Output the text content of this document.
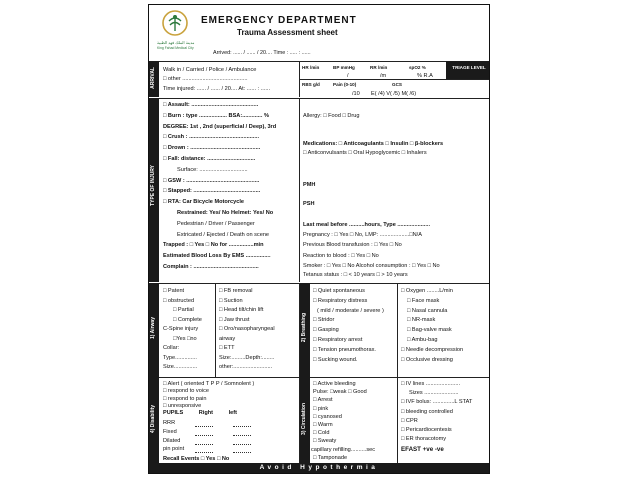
مدينة الملك فهد الطبية
King Fahad Medical City
EMERGENCY DEPARTMENT
Trauma Assessment sheet
Arrived: ...... / ...... / 20.... Time : ..... : ......
ARRIVAL Walk in / Carried / Police / Ambulance
□ other ..........................................
Time injured: ...... / ...... / 20.... At: ...... : ......
HR /min	BP mmHg	RR /min	spO2 %	TRIAGE LEVEL
/	/m	% R.A
RBS g/d	Pain (0-10)	GCS
/10 E( /4) V( /5) M( /6)
TYPE OF INJURY
□ Assault: ...........................................
□ Burn : type .................. BSA:............. %
DEGREE: 1st , 2nd (superficial / Deep), 3rd
□ Crush : .............................................
□ Drown : .............................................
□ Fall: distance: ...............................
Surface: ...............................
□ GSW : ...............................................
□ Stapped: ...........................................
□ RTA: Car Bicycle Motorcycle
Restrained: Yes/ No Helmet: Yes/ No
Pedestrian / Driver / Passenger
Extricated / Ejected / Death on scene
Trapped : □ Yes □ No for ................min
Estimated Blood Loss By EMS ................
Complain : ..........................................
Allergy: □ Food □ Drug
Medications: □ Anticoagulants □ Insulin □ β-blockers
□ Anticonvulsants □ Oral Hypoglycemic □ Inhalers
PMH
PSH
Last meal before ..........hours, Type .....................
Pregnancy : □ Yes □ No, LMP: ...................□N/A
Previous Blood transfusion : □ Yes □ No
Reaction to blood : □ Yes □ No
Smoker : □ Yes □ No Alcohol consumption : □ Yes □ No
Tetanus status : □ < 10 years □ > 10 years
1) Airway
□ Patent
□ obstructed
□ Partial
□ Complete
C-Spine injury
□Yes □no
Collar:
Type..............
Size...............
□ FB removal
□ Suction
□ Head tilt/chin lift
□ Jaw thrust
□ Oro/nasopharyngeal
airway
□ ETT
Size:.........Depth:........
other:.........................
2) Breathing
□ Quiet spontaneous
□ Respiratory distress
( mild / moderate / severe )
□ Stridor
□ Gasping
□ Respiratory arrest
□ Tension pneumothorax.
□ Sucking wound.
□ Oxygen ........L/min
□ Face mask
□ Nasal cannula
□ NR-mask
□ Bag-valve mask
□ Ambu-bag
□ Needle decompression
□ Occlusive dressing
4) Disability
□ Alert ( oriented T P P / Somnolent )
□ respond to voice
□ respond to pain
□ unresponsive
PUPILS Right left
RRR
Fixed
Dilated
pin point
Recall Events □ Yes □ No
3) Circulation
□ Active bleeding
Pulse: □weak □ Good
□ Arrest
□ pink
□ cyanosed
□ Warm
□ Cold
□ Sweaty
capillary refilling..........sec
□ Tamponade
□ IV lines ......................
Sizes ......................
□ IVF bolus: ..............L STAT
□ bleeding controlled
□ CPR
□ Pericardiocentesis
□ ER thoracotomy
EFAST +ve -ve
Avoid Hypothermia
